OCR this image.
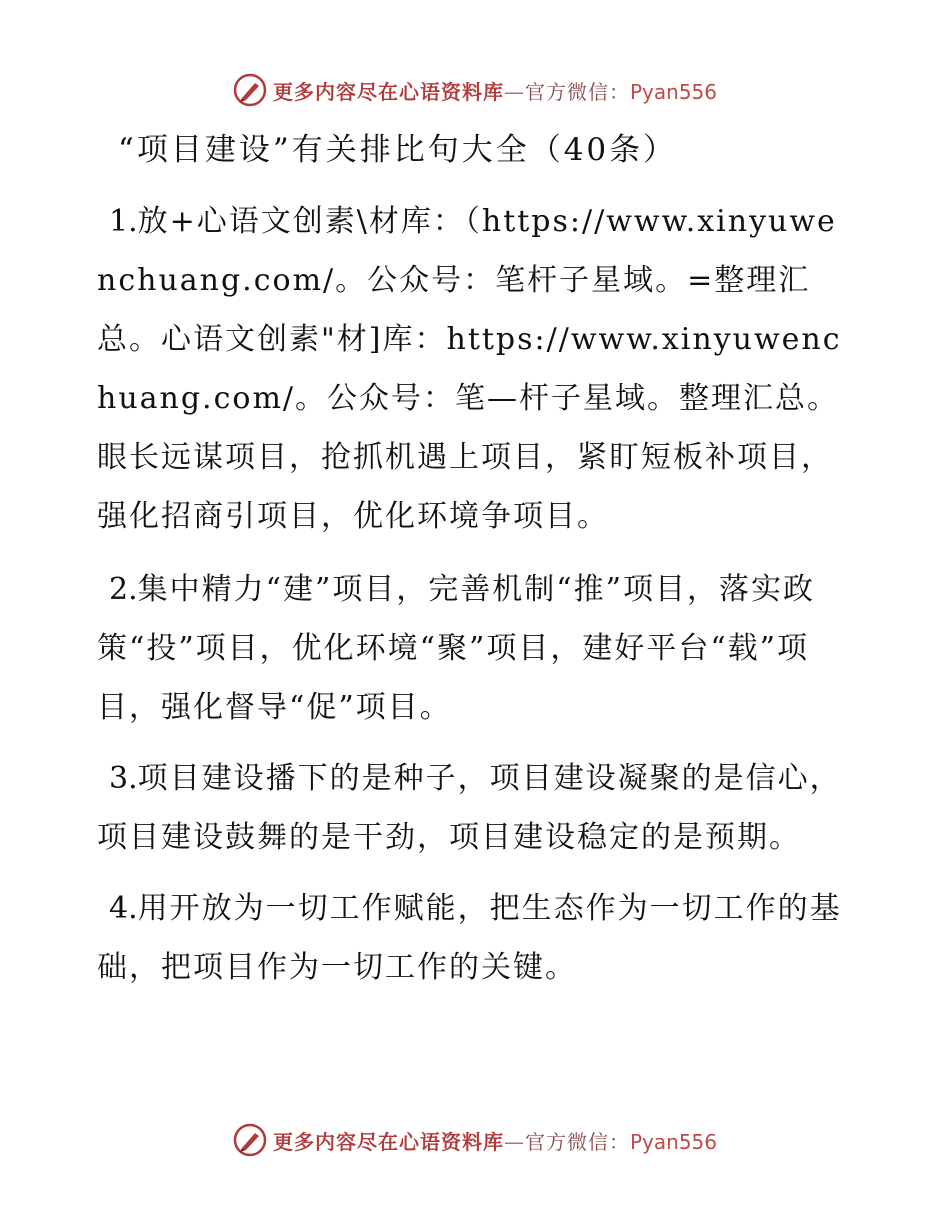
更多内容尽在心语资料库—官方微信：Pyan556
“项目建设”有关排比句大全（40条）

1.放+心语文创素\材库：（https://www.xinyuwenchuang.com/。公众号：笔杆子星域。=整理汇总。心语文创素"材]库：https://www.xinyuwenchuang.com/。公众号：笔—杆子星域。整理汇总。眼长远谋项目，抢抓机遇上项目，紧盯短板补项目，强化招商引项目，优化环境争项目。

2.集中精力“建”项目，完善机制“推”项目，落实政策“投”项目，优化环境“聚”项目，建好平台“载”项目，强化督导“促”项目。

3.项目建设播下的是种子，项目建设凝聚的是信心，项目建设鼓舞的是干劲，项目建设稳定的是预期。

4.用开放为一切工作赋能，把生态作为一切工作的基础，把项目作为一切工作的关键。

更多内容尽在心语资料库—官方微信：Pyan556
